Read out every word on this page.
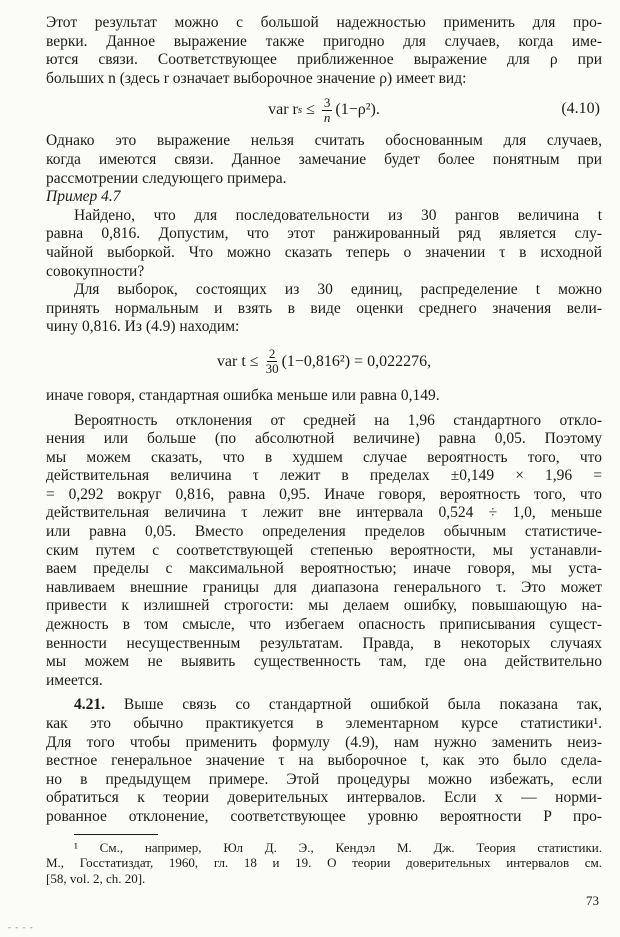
Этот результат можно с большой надежностью применить для про-

верки. Данное выражение также пригодно для случаев, когда име-

ются связи. Соответствующее приближенное выражение для ρ при

больших n (здесь r означает выборочное значение ρ) имеет вид:

var r $s \le \frac{3}{n} (1-\rho^2)$.	(4.10)

Однако это выражение нельзя считать обоснованным для случаев,

когда имеются связи. Данное замечание будет более понятным при

рассмотрении следующего примера.

Пример 4.7

Найдено, что для последовательности из 30 рангов величина t

равна 0,816. Допустим, что этот ранжированный ряд является слу-

чайной выборкой. Что можно сказать теперь о значении τ в исходной

совокупности?

Для выборок, состоящих из 30 единиц, распределение t можно

принять нормальным и взять в виде оценки среднего значения вели-

чину 0,816. Из (4.9) находим:

var $t \le \frac{2}{30} (1-0,816^2) = 0,022276$,

иначе говоря, стандартная ошибка меньше или равна 0,149.

Вероятность отклонения от средней на 1,96 стандартного откло-

нения или больше (по абсолютной величине) равна 0,05. Поэтому

мы можем сказать, что в худшем случае вероятность того, что

действительная величина τ лежит в пределах ±0,149 × 1,96 =

= 0,292 вокруг 0,816, равна 0,95. Иначе говоря, вероятность того, что

действительная величина τ лежит вне интервала 0,524 ÷ 1,0, меньше

или равна 0,05. Вместо определения пределов обычным статистиче-

ским путем с соответствующей степенью вероятности, мы устанавли-

ваем пределы с максимальной вероятностью; иначе говоря, мы уста-

навливаем внешние границы для диапазона генерального τ. Это может

привести к излишней строгости: мы делаем ошибку, повышающую на-

дежность в том смысле, что избегаем опасность приписывания сущест-

венности несущественным результатам. Правда, в некоторых случаях

мы можем не выявить существенность там, где она действительно

имеется.

4.21. Выше связь со стандартной ошибкой была показана так,

как это обычно практикуется в элементарном курсе статистики¹.

Для того чтобы применить формулу (4.9), нам нужно заменить неиз-

вестное генеральное значение τ на выборочное t, как это было сдела-

но в предыдущем примере. Этой процедуры можно избежать, если

обратиться к теории доверительных интервалов. Если x — норми-

рованное отклонение, соответствующее уровню вероятности P про-

¹ См., например, Юл Д. Э., Кендэл М. Дж. Теория статистики.

М., Госстатиздат, 1960, гл. 18 и 19. О теории доверительных интервалов см.

[58, vol. 2, ch. 20].

73
- - - -
